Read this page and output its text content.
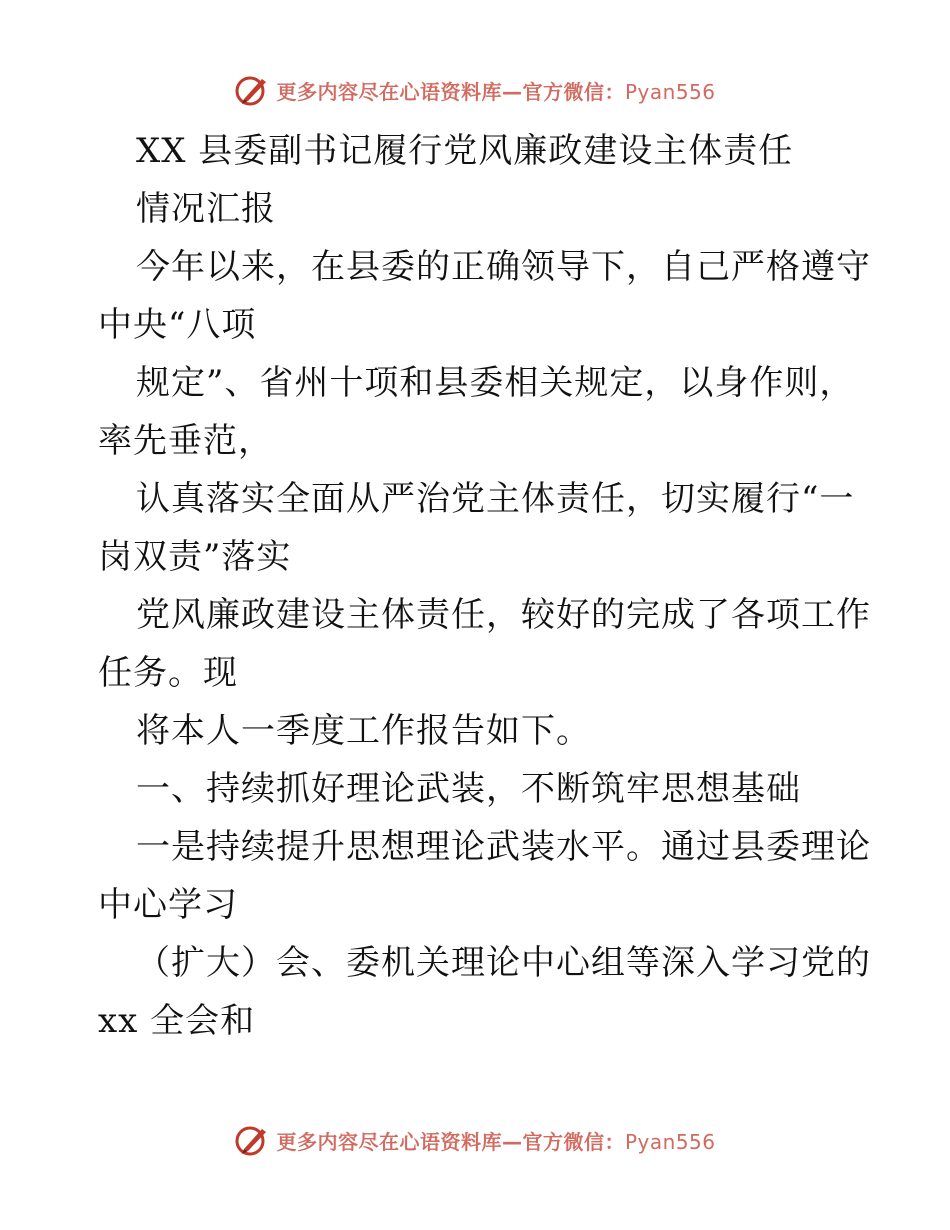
更多内容尽在心语资料库—官方微信：Pyan556
XX 县委副书记履行党风廉政建设主体责任
情况汇报
今年以来，在县委的正确领导下，自己严格遵守
中央“八项
规定”、省州十项和县委相关规定，以身作则，
率先垂范，
认真落实全面从严治党主体责任，切实履行“一
岗双责”落实
党风廉政建设主体责任，较好的完成了各项工作
任务。现
将本人一季度工作报告如下。
一、持续抓好理论武装，不断筑牢思想基础
一是持续提升思想理论武装水平。通过县委理论
中心学习
（扩大）会、委机关理论中心组等深入学习党的
xx 全会和
更多内容尽在心语资料库—官方微信：Pyan556
